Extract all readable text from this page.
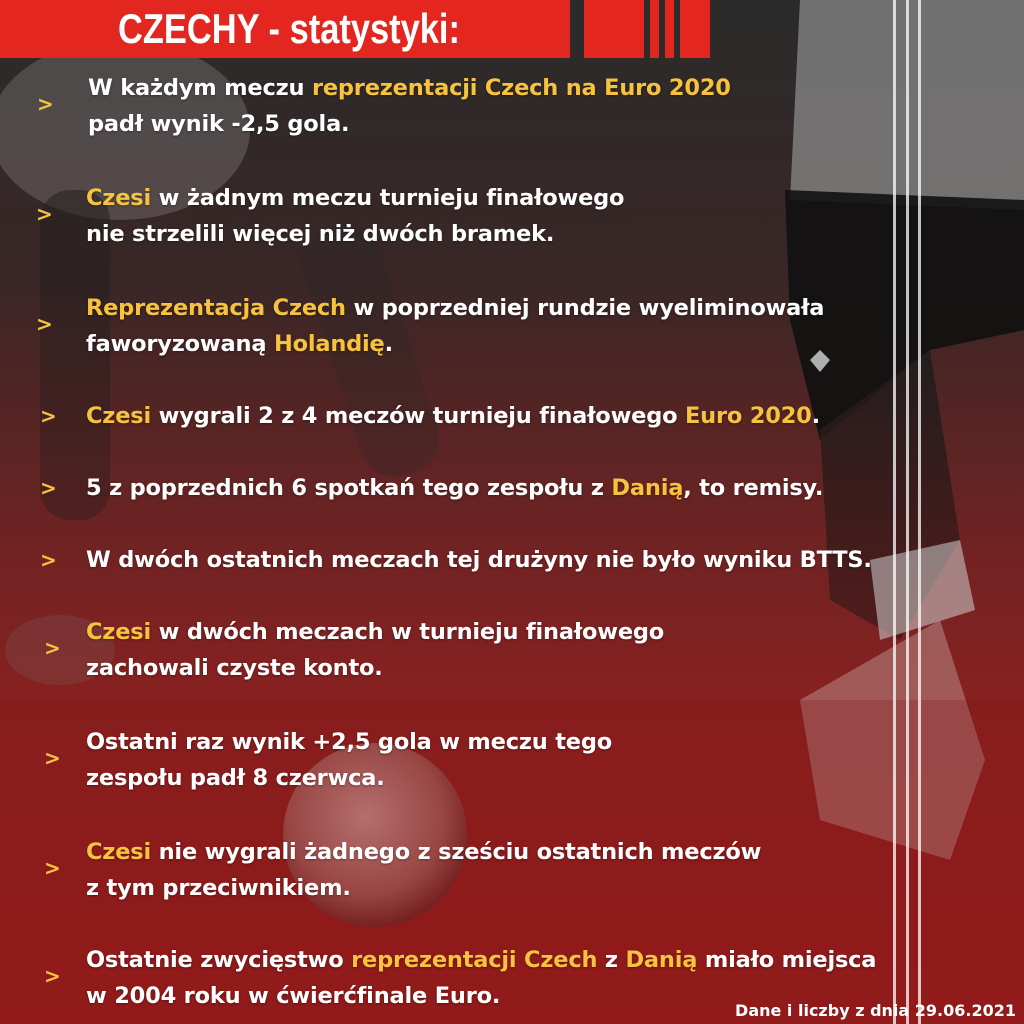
CZECHY - statystyki:
>
W każdym meczu reprezentacji Czech na Euro 2020
padł wynik -2,5 gola.
>
Czesi w żadnym meczu turnieju finałowego
nie strzelili więcej niż dwóch bramek.
>
Reprezentacja Czech w poprzedniej rundzie wyeliminowała
faworyzowaną Holandię.
> Czesi wygrali 2 z 4 meczów turnieju finałowego Euro 2020.
> 5 z poprzednich 6 spotkań tego zespołu z Danią, to remisy.
> W dwóch ostatnich meczach tej drużyny nie było wyniku BTTS.
>
Czesi w dwóch meczach w turnieju finałowego
zachowali czyste konto.
>
Ostatni raz wynik +2,5 gola w meczu tego
zespołu padł 8 czerwca.
>
Czesi nie wygrali żadnego z sześciu ostatnich meczów
z tym przeciwnikiem.
>
Ostatnie zwycięstwo reprezentacji Czech z Danią miało miejsca
w 2004 roku w ćwierćfinale Euro.
Dane i liczby z dnia 29.06.2021
